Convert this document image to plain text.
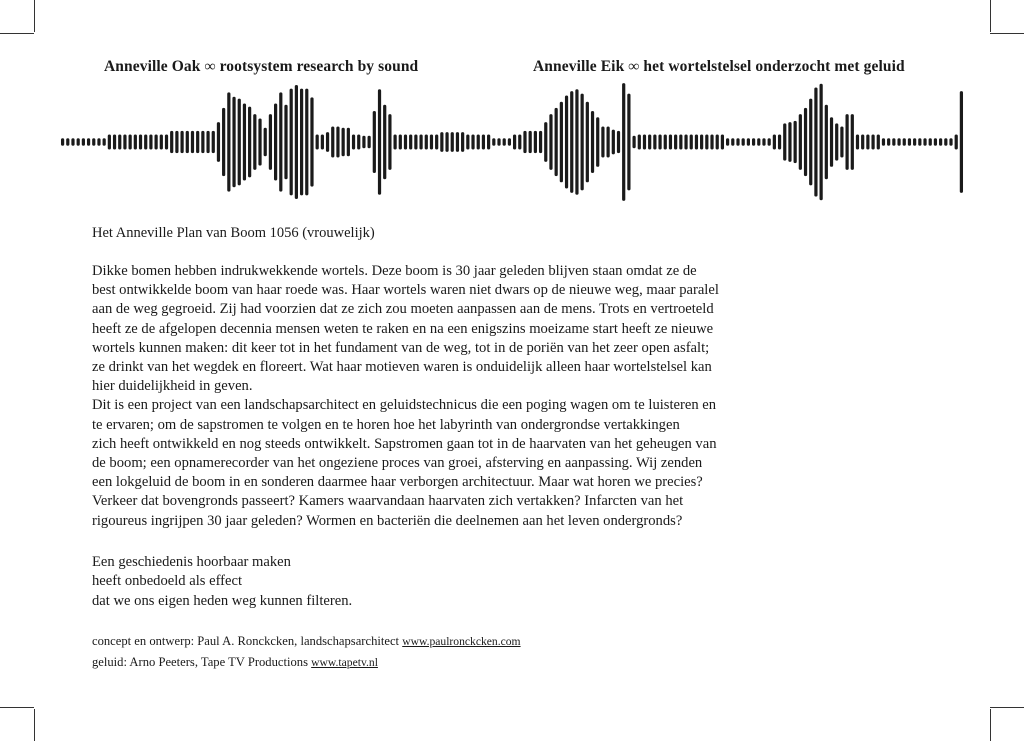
Anneville Oak ∞ rootsystem research by sound	Anneville Eik ∞ het wortelstelsel onderzocht met geluid
Het Anneville Plan van Boom 1056 (vrouwelijk)

Dikke bomen hebben indrukwekkende wortels. Deze boom is 30 jaar geleden blijven staan omdat ze de

best ontwikkelde boom van haar roede was. Haar wortels waren niet dwars op de nieuwe weg, maar paralel

aan de weg gegroeid. Zij had voorzien dat ze zich zou moeten aanpassen aan de mens. Trots en vertroeteld

heeft ze de afgelopen decennia mensen weten te raken en na een enigszins moeizame start heeft ze nieuwe

wortels kunnen maken: dit keer tot in het fundament van de weg, tot in de poriën van het zeer open asfalt;

ze drinkt van het wegdek en floreert. Wat haar motieven waren is onduidelijk alleen haar wortelstelsel kan

hier duidelijkheid in geven.

Dit is een project van een landschapsarchitect en geluidstechnicus die een poging wagen om te luisteren en

te ervaren; om de sapstromen te volgen en te horen hoe het labyrinth van ondergrondse vertakkingen

zich heeft ontwikkeld en nog steeds ontwikkelt. Sapstromen gaan tot in de haarvaten van het geheugen van

de boom; een opnamerecorder van het ongeziene proces van groei, afsterving en aanpassing. Wij zenden

een lokgeluid de boom in en sonderen daarmee haar verborgen architectuur. Maar wat horen we precies?

Verkeer dat bovengronds passeert? Kamers waarvandaan haarvaten zich vertakken? Infarcten van het

rigoureus ingrijpen 30 jaar geleden? Wormen en bacteriën die deelnemen aan het leven ondergronds?

Een geschiedenis hoorbaar maken

heeft onbedoeld als effect

dat we ons eigen heden weg kunnen filteren.

concept en ontwerp: Paul A. Ronckcken, landschapsarchitect www.paulronckcken.com

geluid: Arno Peeters, Tape TV Productions www.tapetv.nl
